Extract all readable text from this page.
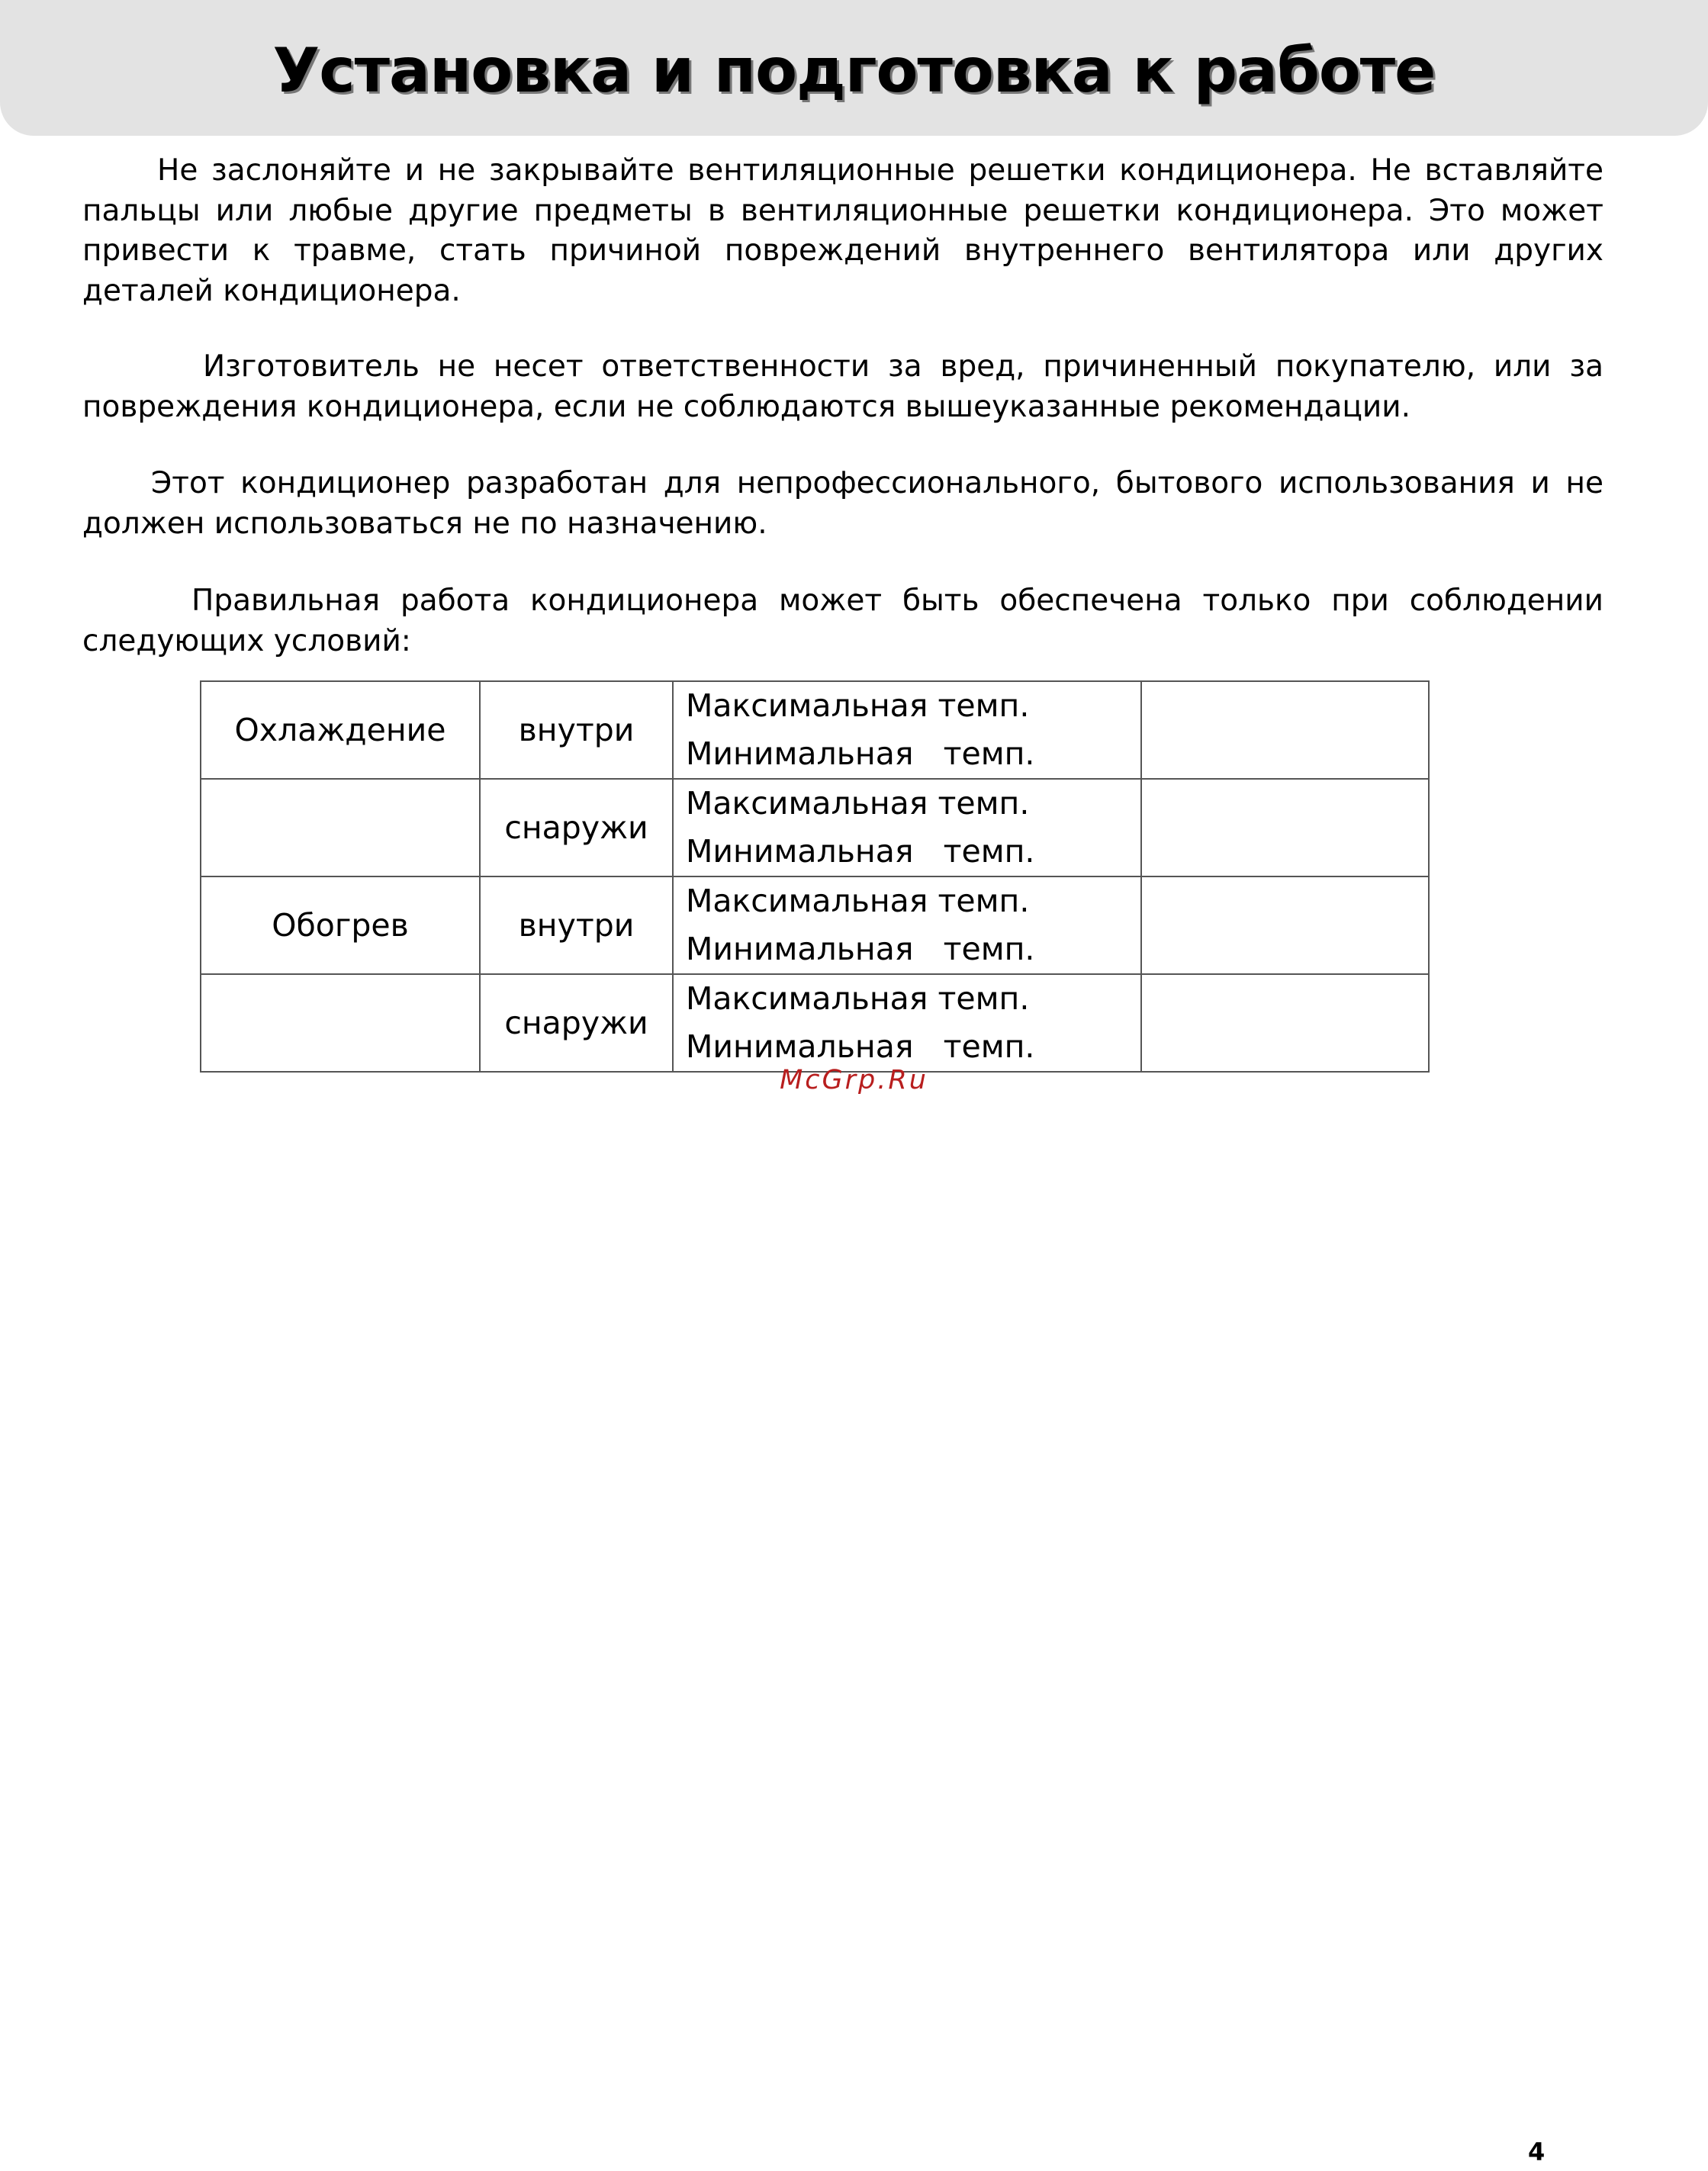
Установка и подготовка к работе

Не заслоняйте и не закрывайте вентиляционные решетки кондиционера. Не вставляйте пальцы или любые другие предметы в вентиляционные решетки кондиционера. Это может привести к травме, стать причиной повреждений внутреннего вентилятора или других деталей кондиционера.

Изготовитель не несет ответственности за вред, причиненный покупателю, или за повреждения кондиционера, если не соблюдаются вышеуказанные рекомендации.

Этот кондиционер разработан для непрофессионального, бытового использования и не должен использоваться не по назначению.

Правильная работа кондиционера может быть обеспечена только при соблюдении следующих условий:

Охлаждение	внутри	Максимальная темп.
Минимальная   темп.	

	снаружи	Максимальная темп.
Минимальная   темп.	

Обогрев	внутри	Максимальная темп.
Минимальная   темп.	

	снаружи	Максимальная темп.
Минимальная   темп.	

McGrp.Ru
4
